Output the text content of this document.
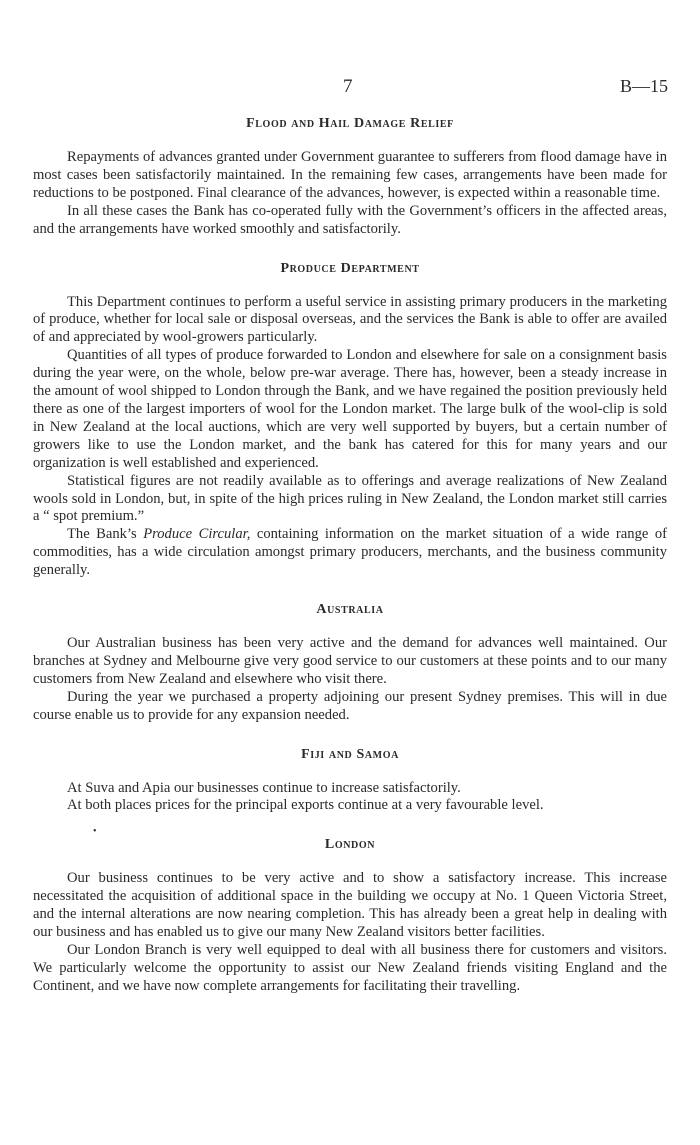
7	B—15
•
Flood and Hail Damage Relief

Repayments of advances granted under Government guarantee to sufferers from flood damage have in most cases been satisfactorily maintained. In the remaining few cases, arrangements have been made for reductions to be postponed. Final clearance of the advances, however, is expected within a reasonable time.

In all these cases the Bank has co-operated fully with the Government’s officers in the affected areas, and the arrangements have worked smoothly and satisfactorily.

Produce Department

This Department continues to perform a useful service in assisting primary producers in the marketing of produce, whether for local sale or disposal overseas, and the services the Bank is able to offer are availed of and appreciated by wool-growers particularly.

Quantities of all types of produce forwarded to London and elsewhere for sale on a consignment basis during the year were, on the whole, below pre-war average. There has, however, been a steady increase in the amount of wool shipped to London through the Bank, and we have regained the position previously held there as one of the largest importers of wool for the London market. The large bulk of the wool-clip is sold in New Zealand at the local auctions, which are very well supported by buyers, but a certain number of growers like to use the London market, and the bank has catered for this for many years and our organization is well established and experienced.

Statistical figures are not readily available as to offerings and average realizations of New Zealand wools sold in London, but, in spite of the high prices ruling in New Zealand, the London market still carries a “ spot premium.”

The Bank’s Produce Circular, containing information on the market situation of a wide range of commodities, has a wide circulation amongst primary producers, merchants, and the business community generally.

Australia

Our Australian business has been very active and the demand for advances well maintained. Our branches at Sydney and Melbourne give very good service to our customers at these points and to our many customers from New Zealand and elsewhere who visit there.

During the year we purchased a property adjoining our present Sydney premises. This will in due course enable us to provide for any expansion needed.

Fiji and Samoa

At Suva and Apia our businesses continue to increase satisfactorily.

At both places prices for the principal exports continue at a very favourable level.

London

Our business continues to be very active and to show a satisfactory increase. This increase necessitated the acquisition of additional space in the building we occupy at No. 1 Queen Victoria Street, and the internal alterations are now nearing completion. This has already been a great help in dealing with our business and has enabled us to give our many New Zealand visitors better facilities.

Our London Branch is very well equipped to deal with all business there for customers and visitors. We particularly welcome the opportunity to assist our New Zealand friends visiting England and the Continent, and we have now complete arrangements for facilitating their travelling.
